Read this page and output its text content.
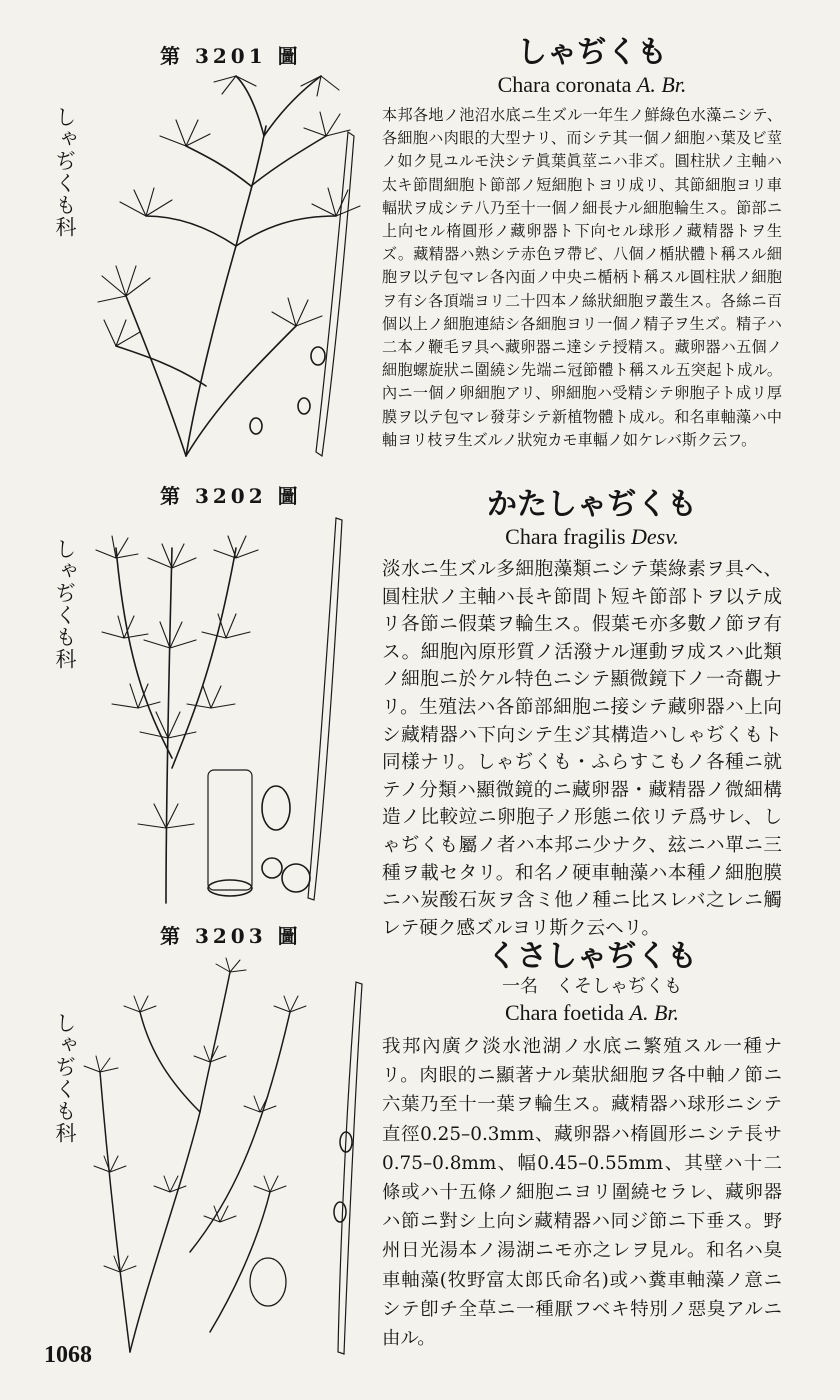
第 3201 圖
しゃぢくも科
しゃぢくも
Chara coronata A. Br.
本邦各地ノ池沼水底ニ生ズル一年生ノ鮮綠色水藻ニシテ、各細胞ハ肉眼的大型ナリ、而シテ其一個ノ細胞ハ葉及ビ莖ノ如ク見ユルモ決シテ眞葉眞莖ニハ非ズ。圓柱狀ノ主軸ハ太キ節間細胞ト節部ノ短細胞トヨリ成リ、其節細胞ヨリ車輻狀ヲ成シテ八乃至十一個ノ細長ナル細胞輪生ス。節部ニ上向セル楕圓形ノ藏卵器ト下向セル球形ノ藏精器トヲ生ズ。藏精器ハ熟シテ赤色ヲ帶ビ、八個ノ楯狀體ト稱スル細胞ヲ以テ包マレ各內面ノ中央ニ楯柄ト稱スル圓柱狀ノ細胞ヲ有シ各頂端ヨリ二十四本ノ絲狀細胞ヲ叢生ス。各絲ニ百個以上ノ細胞連結シ各細胞ヨリ一個ノ精子ヲ生ズ。精子ハ二本ノ鞭毛ヲ具ヘ藏卵器ニ達シテ授精ス。藏卵器ハ五個ノ細胞螺旋狀ニ圍繞シ先端ニ冠節體ト稱スル五突起ト成ル。內ニ一個ノ卵細胞アリ、卵細胞ハ受精シテ卵胞子ト成リ厚膜ヲ以テ包マレ發芽シテ新植物體ト成ル。和名車軸藻ハ中軸ヨリ枝ヲ生ズルノ狀宛カモ車輻ノ如ケレバ斯ク云フ。
第 3202 圖
しゃぢくも科
かたしゃぢくも
Chara fragilis Desv.
淡水ニ生ズル多細胞藻類ニシテ葉綠素ヲ具ヘ、圓柱狀ノ主軸ハ長キ節間ト短キ節部トヲ以テ成リ各節ニ假葉ヲ輪生ス。假葉モ亦多數ノ節ヲ有ス。細胞內原形質ノ活潑ナル運動ヲ成スハ此類ノ細胞ニ於ケル特色ニシテ顯微鏡下ノ一奇觀ナリ。生殖法ハ各節部細胞ニ接シテ藏卵器ハ上向シ藏精器ハ下向シテ生ジ其構造ハしゃぢくもト同樣ナリ。しゃぢくも・ふらすこもノ各種ニ就テノ分類ハ顯微鏡的ニ藏卵器・藏精器ノ微細構造ノ比較竝ニ卵胞子ノ形態ニ依リテ爲サレ、しゃぢくも屬ノ者ハ本邦ニ少ナク、玆ニハ單ニ三種ヲ載セタリ。和名ノ硬車軸藻ハ本種ノ細胞膜ニハ炭酸石灰ヲ含ミ他ノ種ニ比スレバ之レニ觸レテ硬ク感ズルヨリ斯ク云ヘリ。
第 3203 圖
しゃぢくも科
くさしゃぢくも
一名　くそしゃぢくも
Chara foetida A. Br.
我邦內廣ク淡水池湖ノ水底ニ繁殖スル一種ナリ。肉眼的ニ顯著ナル葉狀細胞ヲ各中軸ノ節ニ六葉乃至十一葉ヲ輪生ス。藏精器ハ球形ニシテ直徑0.25–0.3mm、藏卵器ハ楕圓形ニシテ長サ 0.75–0.8mm、幅0.45–0.55mm、其壁ハ十二條或ハ十五條ノ細胞ニヨリ圍繞セラレ、藏卵器ハ節ニ對シ上向シ藏精器ハ同ジ節ニ下垂ス。野州日光湯本ノ湯湖ニモ亦之レヲ見ル。和名ハ臭車軸藻(牧野富太郎氏命名)或ハ糞車軸藻ノ意ニシテ卽チ全草ニ一種厭フベキ特別ノ惡臭アルニ由ル。
1068
